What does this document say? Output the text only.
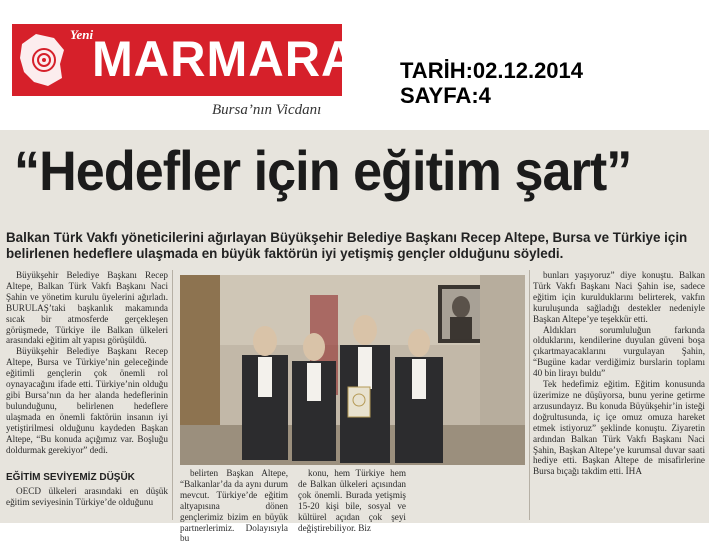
Yeni
MARMARA
Bursa’nın Vicdanı
TARİH:02.12.2014
SAYFA:4
“Hedefler için eğitim şart”
Balkan Türk Vakfı yöneticilerini ağırlayan Büyükşehir Belediye Başkanı Recep Altepe, Bursa ve Türkiye için belirlenen hedeflere ulaşmada en büyük faktörün iyi yetişmiş gençler olduğunu söyledi.

Büyükşehir Belediye Başkanı Recep Altepe, Balkan Türk Vakfı Başkanı Naci Şahin ve yönetim kurulu üyelerini ağırladı. BURULAŞ’taki başkanlık makamında sıcak bir atmosferde gerçekleşen görüşmede, Türkiye ile Balkan ülkeleri arasındaki eğitim alt yapısı görüşüldü.

Büyükşehir Belediye Başkanı Recep Altepe, Bursa ve Türkiye’nin geleceğinde eğitimli gençlerin çok önemli rol oynayacağını ifade etti. Türkiye’nin olduğu gibi Bursa’nın da her alanda hedeflerinin bulunduğunu, belirlenen hedeflere ulaşmada en önemli faktörün insanın iyi yetiştirilmesi olduğunu kaydeden Başkan Altepe, “Bu konuda açığımız var. Boşluğu doldurmak gerekiyor” dedi.

EĞİTİM SEVİYEMİZ DÜŞÜK

OECD ülkeleri arasındaki en düşük eğitim seviyesinin Türkiye’de olduğunu

belirten Başkan Altepe, “Balkanlar’da da aynı durum mevcut. Türkiye’de eğitim altyapısına dönen gençlerimiz bizim en büyük partnerlerimiz. Dolayısıyla bu

konu, hem Türkiye hem de Balkan ülkeleri açısından çok önemli. Burada yetişmiş 15-20 kişi bile, sosyal ve kültürel açıdan çok şeyi değiştirebiliyor. Biz

bunları yaşıyoruz” diye konuştu. Balkan Türk Vakfı Başkanı Naci Şahin ise, sadece eğitim için kurulduklarını belirterek, vakfın kuruluşunda sağladığı destekler nedeniyle Başkan Altepe’ye teşekkür etti.

Aldıkları sorumluluğun farkında olduklarını, kendilerine duyulan güveni boşa çıkartmayacaklarını vurgulayan Şahin, “Bugüne kadar verdiğimiz burslarin toplamı 40 bin lirayı buldu”

Tek hedefimiz eğitim. Eğitim konusunda üzerimize ne düşüyorsa, bunu yerine getirme arzusundayız. Bu konuda Büyükşehir’in isteği doğrultusunda, iç içe omuz omuza hareket etmek istiyoruz” şeklinde konuştu. Ziyaretin ardından Balkan Türk Vakfı Başkanı Naci Şahin, Başkan Altepe’ye kurumsal duvar saati hediye etti. Başkan Altepe de misafirlerine Bursa bıçağı takdim etti. İHA
